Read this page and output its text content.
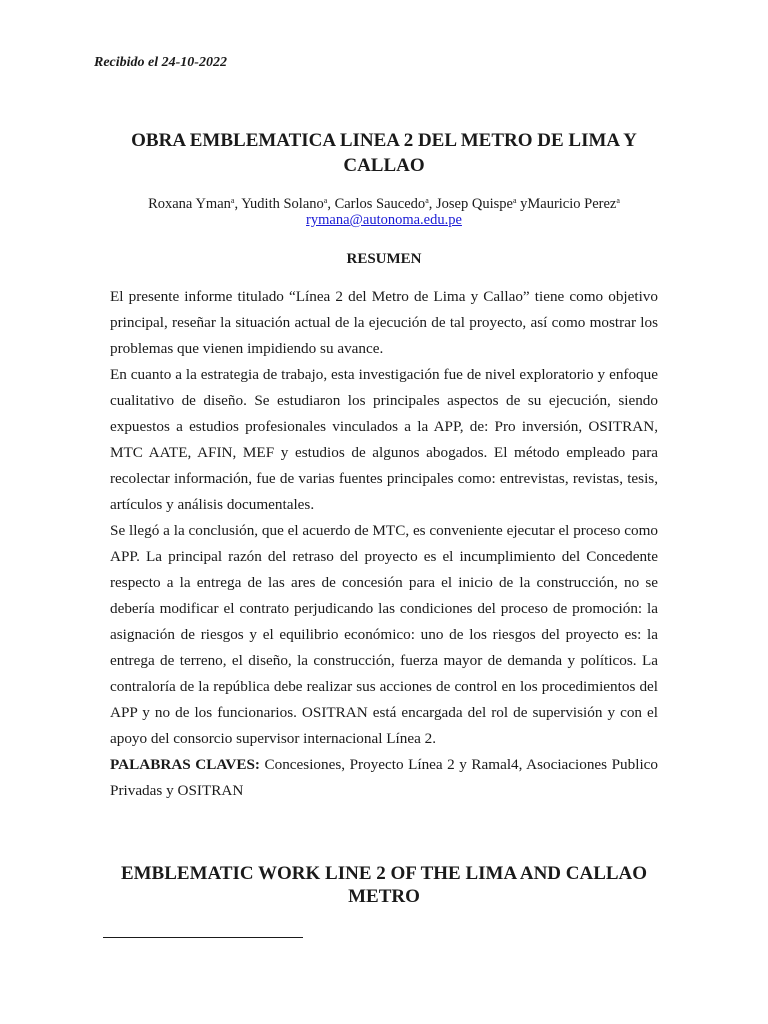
Recibido el 24-10-2022
OBRA EMBLEMATICA LINEA 2 DEL METRO DE LIMA Y CALLAO
Roxana Yman$^a$, Yudith Solano$^a$, Carlos Saucedo$^a$, Josep Quispe$^a$ yMauricio Perez$^a$
rymana@autonoma.edu.pe
RESUMEN

El presente informe titulado “Línea 2 del Metro de Lima y Callao” tiene como objetivo principal, reseñar la situación actual de la ejecución de tal proyecto, así como mostrar los problemas que vienen impidiendo su avance.

En cuanto a la estrategia de trabajo, esta investigación fue de nivel exploratorio y enfoque cualitativo de diseño. Se estudiaron los principales aspectos de su ejecución, siendo expuestos a estudios profesionales vinculados a la APP, de: Pro inversión, OSITRAN, MTC AATE, AFIN, MEF y estudios de algunos abogados. El método empleado para recolectar información, fue de varias fuentes principales como: entrevistas, revistas, tesis, artículos y análisis documentales.

Se llegó a la conclusión, que el acuerdo de MTC, es conveniente ejecutar el proceso como APP. La principal razón del retraso del proyecto es el incumplimiento del Concedente respecto a la entrega de las ares de concesión para el inicio de la construcción, no se debería modificar el contrato perjudicando las condiciones del proceso de promoción: la asignación de riesgos y el equilibrio económico: uno de los riesgos del proyecto es: la entrega de terreno, el diseño, la construcción, fuerza mayor de demanda y políticos. La contraloría de la república debe realizar sus acciones de control en los procedimientos del APP y no de los funcionarios. OSITRAN está encargada del rol de supervisión y con el apoyo del consorcio supervisor internacional Línea 2.

PALABRAS CLAVES: Concesiones, Proyecto Línea 2 y Ramal4, Asociaciones Publico Privadas y OSITRAN

EMBLEMATIC WORK LINE 2 OF THE LIMA AND CALLAO METRO
